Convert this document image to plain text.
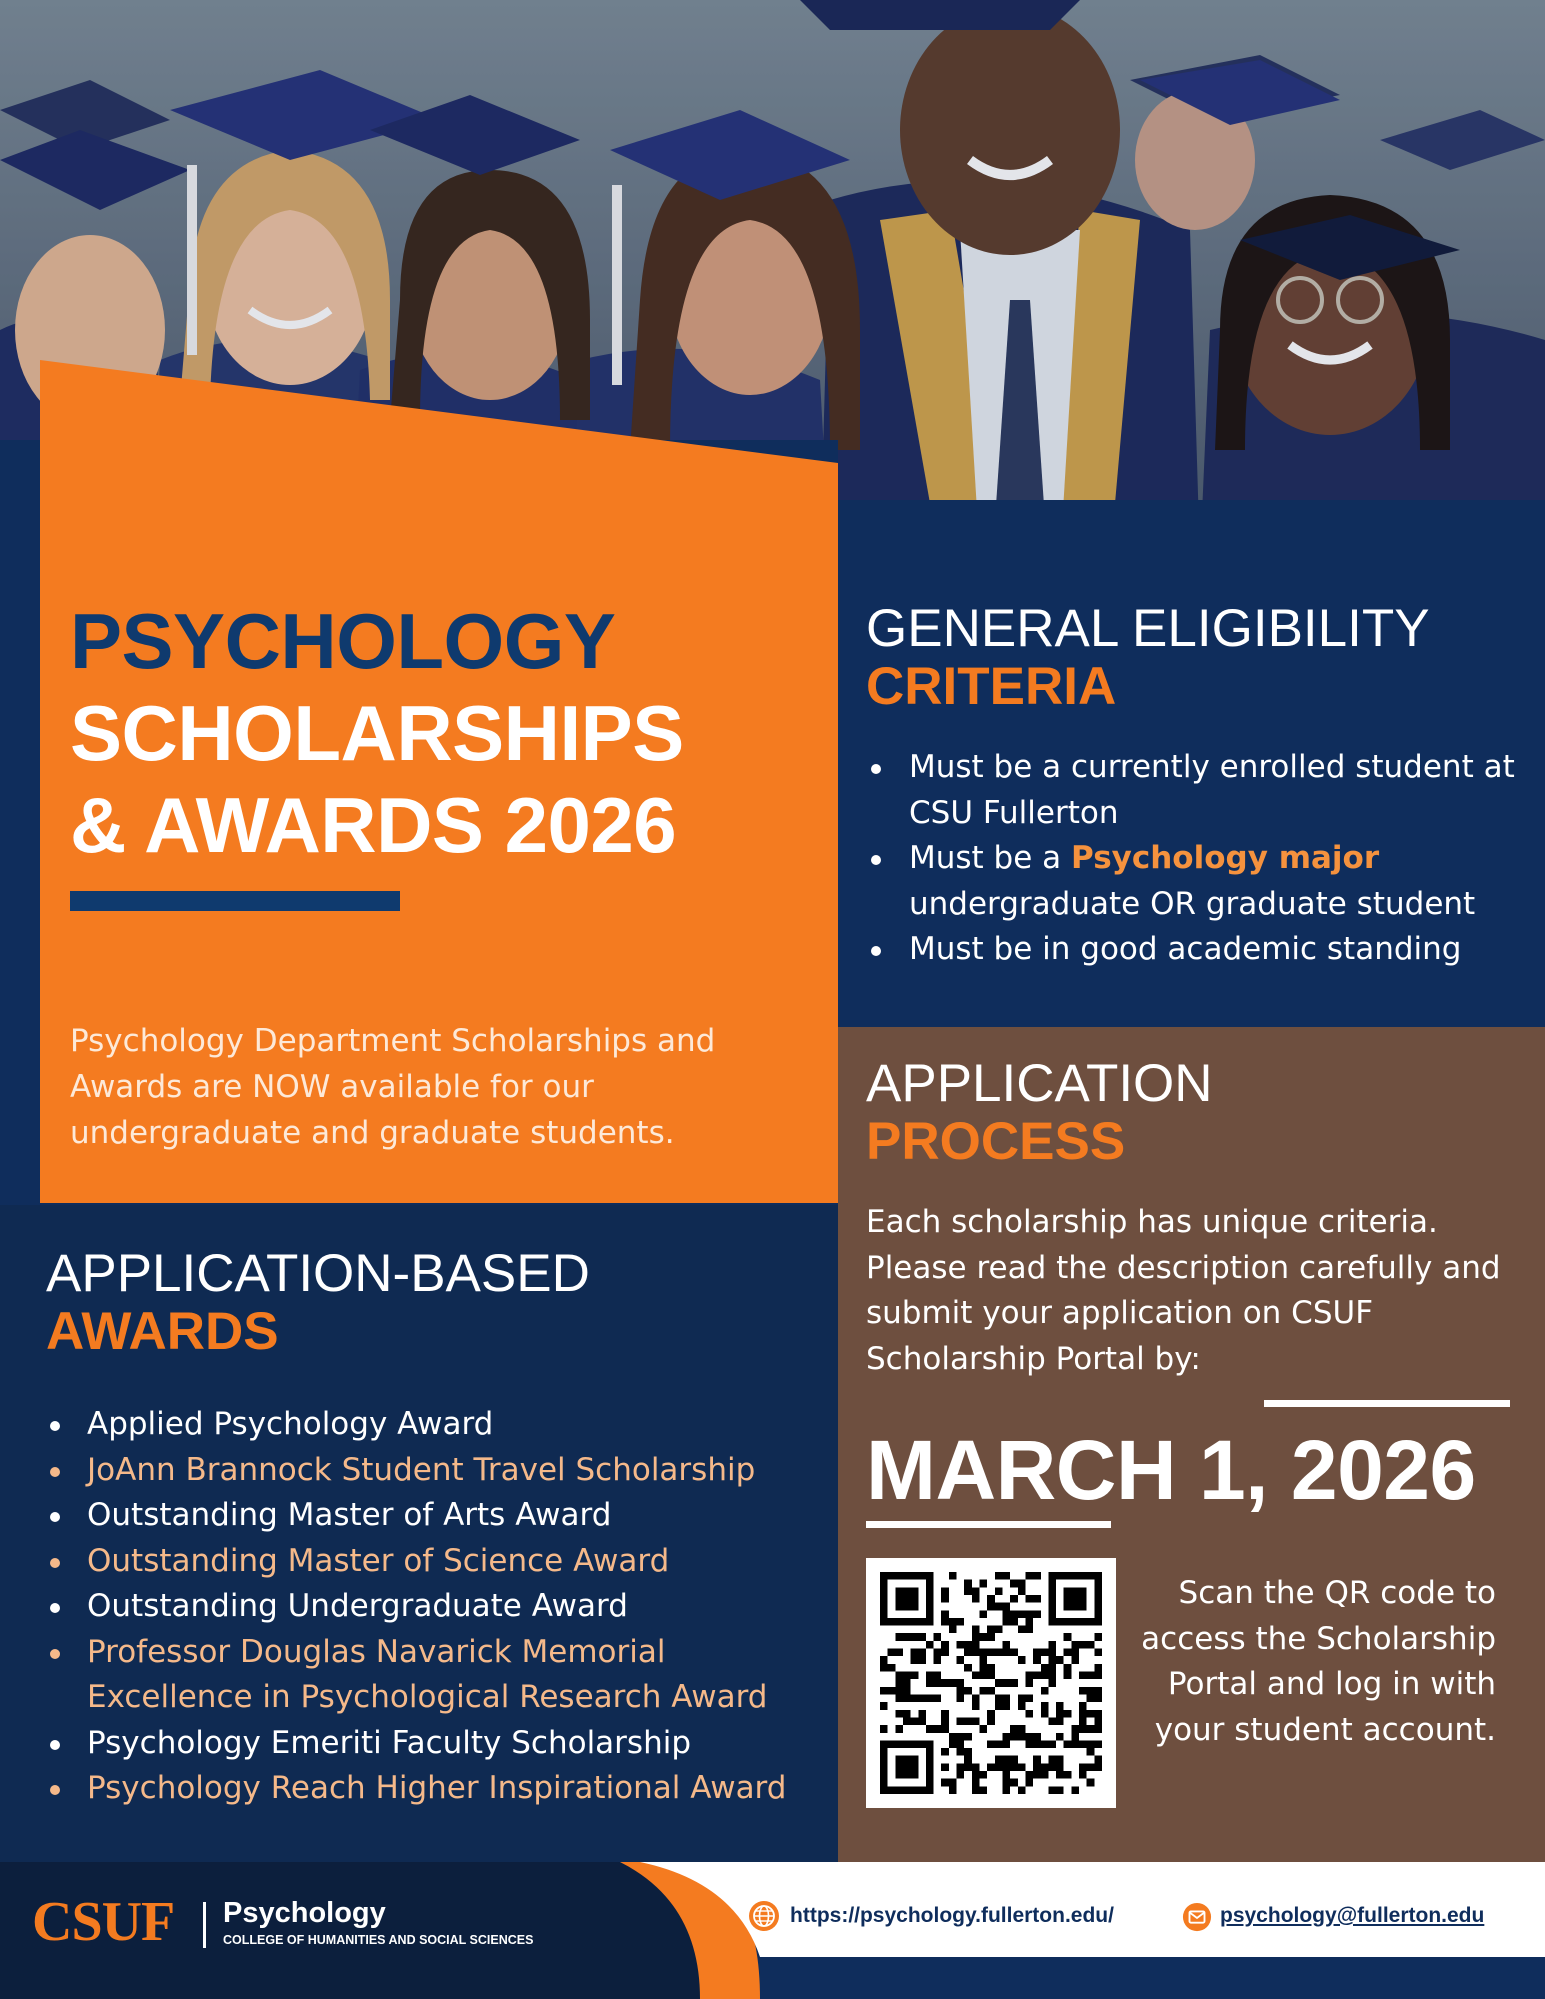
PSYCHOLOGY
SCHOLARSHIPS
& AWARDS 2026
Psychology Department Scholarships and Awards are NOW available for our undergraduate and graduate students.
APPLICATION-BASED
AWARDS
Applied Psychology Award
JoAnn Brannock Student Travel Scholarship
Outstanding Master of Arts Award
Outstanding Master of Science Award
Outstanding Undergraduate Award
Professor Douglas Navarick Memorial Excellence in Psychological Research Award
Psychology Emeriti Faculty Scholarship
Psychology Reach Higher Inspirational Award
GENERAL ELIGIBILITY
CRITERIA
Must be a currently enrolled student at CSU Fullerton
Must be a Psychology major undergraduate OR graduate student
Must be in good academic standing
APPLICATION
PROCESS
Each scholarship has unique criteria. Please read the description carefully and submit your application on CSUF Scholarship Portal by:
MARCH 1, 2026
Scan the QR code to access the Scholarship Portal and log in with your student account.
CSUF Psychology
COLLEGE OF HUMANITIES AND SOCIAL SCIENCES
https://psychology.fullerton.edu/	psychology@fullerton.edu
